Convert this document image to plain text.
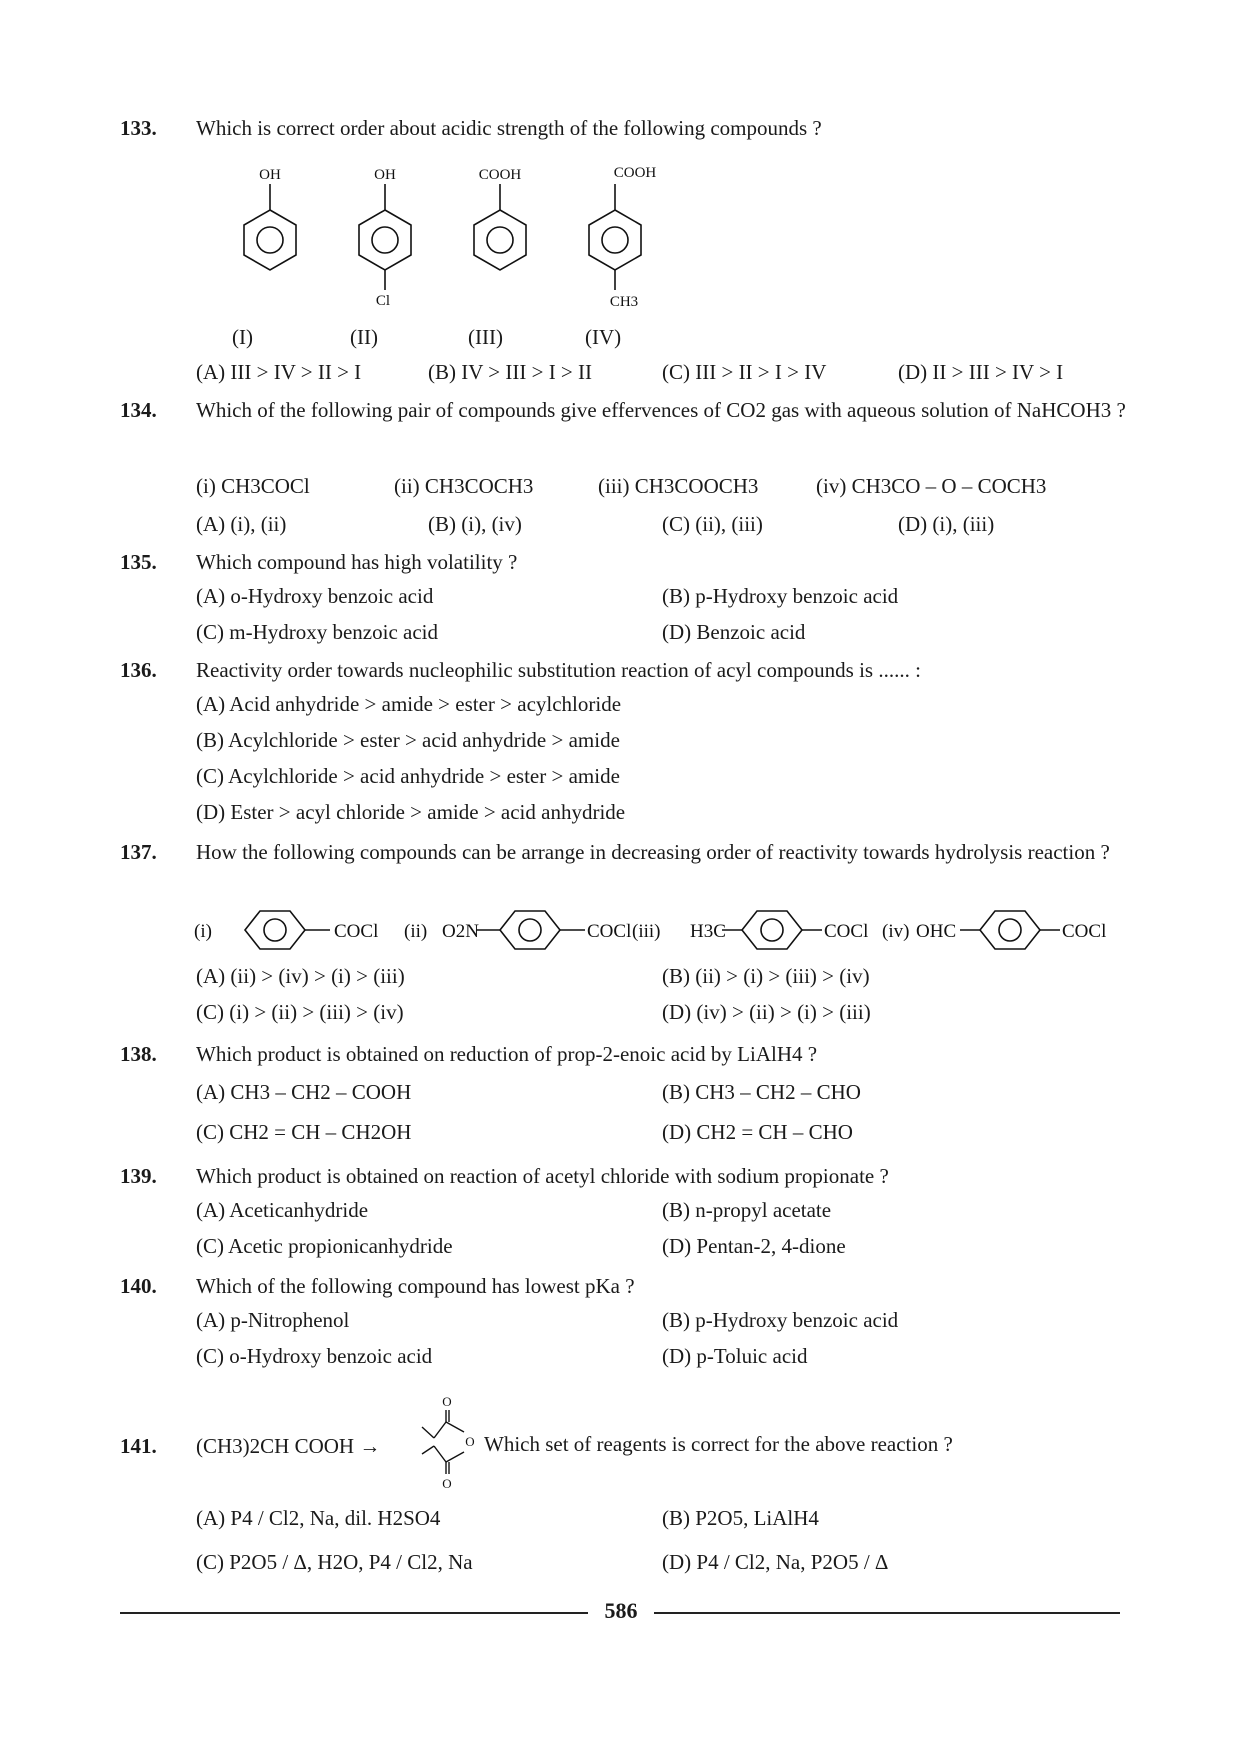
133. Which is correct order about acidic strength of the following compounds ?
OH	OH	COOH	COOH
Cl	CH3
(I)	(II)	(III)	(IV)
(A) III > IV > II > I	(B) IV > III > I > II	(C) III > II > I > IV	(D) II > III > IV > I
134. Which of the following pair of compounds give effervences of CO2 gas with aqueous solution of NaHCOH3 ?
(i) CH3COCl	(ii) CH3COCH3	(iii) CH3COOCH3	(iv) CH3CO – O – COCH3
(A) (i), (ii)	(B) (i), (iv)	(C) (ii), (iii)	(D) (i), (iii)
135. Which compound has high volatility ?
(A) o-Hydroxy benzoic acid	(B) p-Hydroxy benzoic acid
(C) m-Hydroxy benzoic acid	(D) Benzoic acid
136. Reactivity order towards nucleophilic substitution reaction of acyl compounds is ...... :
(A) Acid anhydride > amide > ester > acylchloride
(B) Acylchloride > ester > acid anhydride > amide
(C) Acylchloride > acid anhydride > ester > amide
(D) Ester > acyl chloride > amide > acid anhydride
137. How the following compounds can be arrange in decreasing order of reactivity towards hydrolysis reaction ?
(i)	COCl (ii) O2N	COCl (iii) H3C	COCl (iv) OHC	COCl
(A) (ii) > (iv) > (i) > (iii)	(B) (ii) > (i) > (iii) > (iv)
(C) (i) > (ii) > (iii) > (iv)	(D) (iv) > (ii) > (i) > (iii)
138. Which product is obtained on reduction of prop-2-enoic acid by LiAlH4 ?
(A) CH3 – CH2 – COOH	(B) CH3 – CH2 – CHO
(C) CH2 = CH – CH2OH	(D) CH2 = CH – CHO
139. Which product is obtained on reaction of acetyl chloride with sodium propionate ?
(A) Aceticanhydride	(B) n-propyl acetate
(C) Acetic propionicanhydride	(D) Pentan-2, 4-dione
140. Which of the following compound has lowest pKa ?
(A) p-Nitrophenol	(B) p-Hydroxy benzoic acid
(C) o-Hydroxy benzoic acid	(D) p-Toluic acid
141. (CH3)2CH COOH →
O
O
O
Which set of reagents is correct for the above reaction ?
(A) P4 / Cl2, Na, dil. H2SO4	(B) P2O5, LiAlH4
(C) P2O5 / Δ, H2O, P4 / Cl2, Na	(D) P4 / Cl2, Na, P2O5 / Δ
586
